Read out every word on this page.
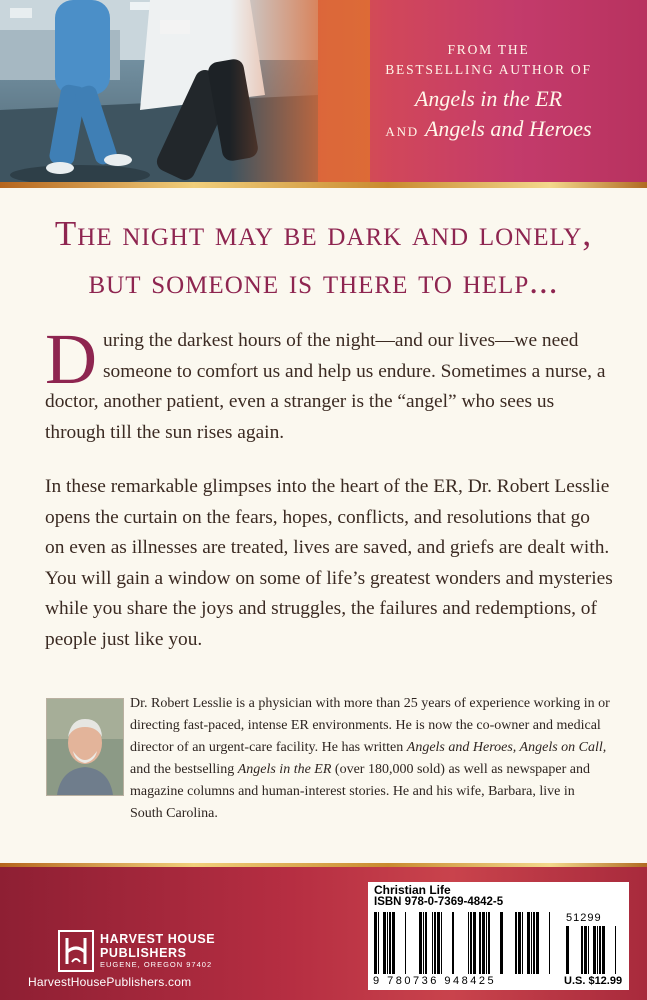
FROM THE
BESTSELLING AUTHOR OF
Angels in the ER
AND Angels and Heroes
The night may be dark and lonely,
but someone is there to help...

During the darkest hours of the night—and our lives—we need someone to comfort us and help us endure. Sometimes a nurse, a doctor, another patient, even a stranger is the “angel” who sees us through till the sun rises again.

In these remarkable glimpses into the heart of the ER, Dr. Robert Lesslie opens the curtain on the fears, hopes, conflicts, and resolutions that go on even as illnesses are treated, lives are saved, and griefs are dealt with. You will gain a window on some of life’s greatest wonders and mysteries while you share the joys and struggles, the failures and redemptions, of people just like you.

Dr. Robert Lesslie is a physician with more than 25 years of experience working in or directing fast-paced, intense ER environments. He is now the co-owner and medical director of an urgent-care facility. He has written Angels and Heroes, Angels on Call, and the bestselling Angels in the ER (over 180,000 sold) as well as newspaper and magazine columns and human-interest stories. He and his wife, Barbara, live in South Carolina.
HARVEST HOUSE
PUBLISHERS
EUGENE, OREGON 97402
HarvestHousePublishers.com
Christian Life
ISBN 978-0-7369-4842-5
51299
9 780736 948425	U.S. $12.99
